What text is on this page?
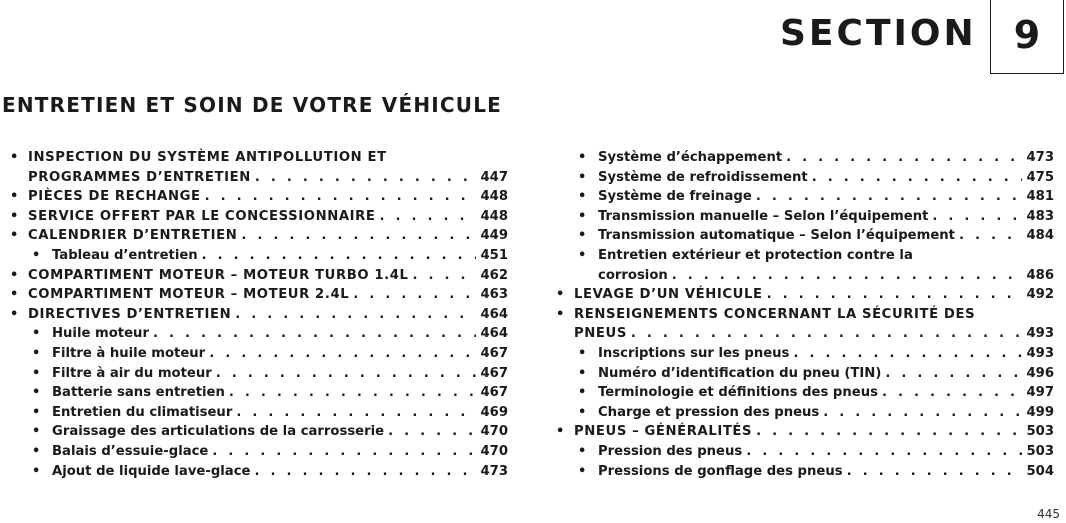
SECTION 9
ENTRETIEN ET SOIN DE VOTRE VÉHICULE
• INSPECTION DU SYSTÈME ANTIPOLLUTION ET
PROGRAMMES D’ENTRETIEN . . .	447
• PIÈCES DE RECHANGE . . .	448
• SERVICE OFFERT PAR LE CONCESSIONNAIRE . . .	448
• CALENDRIER D’ENTRETIEN . . .	449
• Tableau d’entretien . . .	451
• COMPARTIMENT MOTEUR – MOTEUR TURBO 1.4L . . .	462
• COMPARTIMENT MOTEUR – MOTEUR 2.4L . . .	463
• DIRECTIVES D’ENTRETIEN . . .	464
• Huile moteur . . .	464
• Filtre à huile moteur . . .	467
• Filtre à air du moteur . . .	467
• Batterie sans entretien . . .	467
• Entretien du climatiseur . . .	469
• Graissage des articulations de la carrosserie . . .	470
• Balais d’essuie-glace . . .	470
• Ajout de liquide lave-glace . . .	473
• Système d’échappement . . .	473
• Système de refroidissement . . .	475
• Système de freinage . . .	481
• Transmission manuelle – Selon l’équipement . . .	483
• Transmission automatique – Selon l’équipement . . .	484
• Entretien extérieur et protection contre la
corrosion . . .	486
• LEVAGE D’UN VÉHICULE . . .	492
• RENSEIGNEMENTS CONCERNANT LA SÉCURITÉ DES
PNEUS . . .	493
• Inscriptions sur les pneus . . .	493
• Numéro d’identification du pneu (TIN) . . .	496
• Terminologie et définitions des pneus . . .	497
• Charge et pression des pneus . . .	499
• PNEUS – GÉNÉRALITÉS . . .	503
• Pression des pneus . . .	503
• Pressions de gonflage des pneus . . .	504
445
